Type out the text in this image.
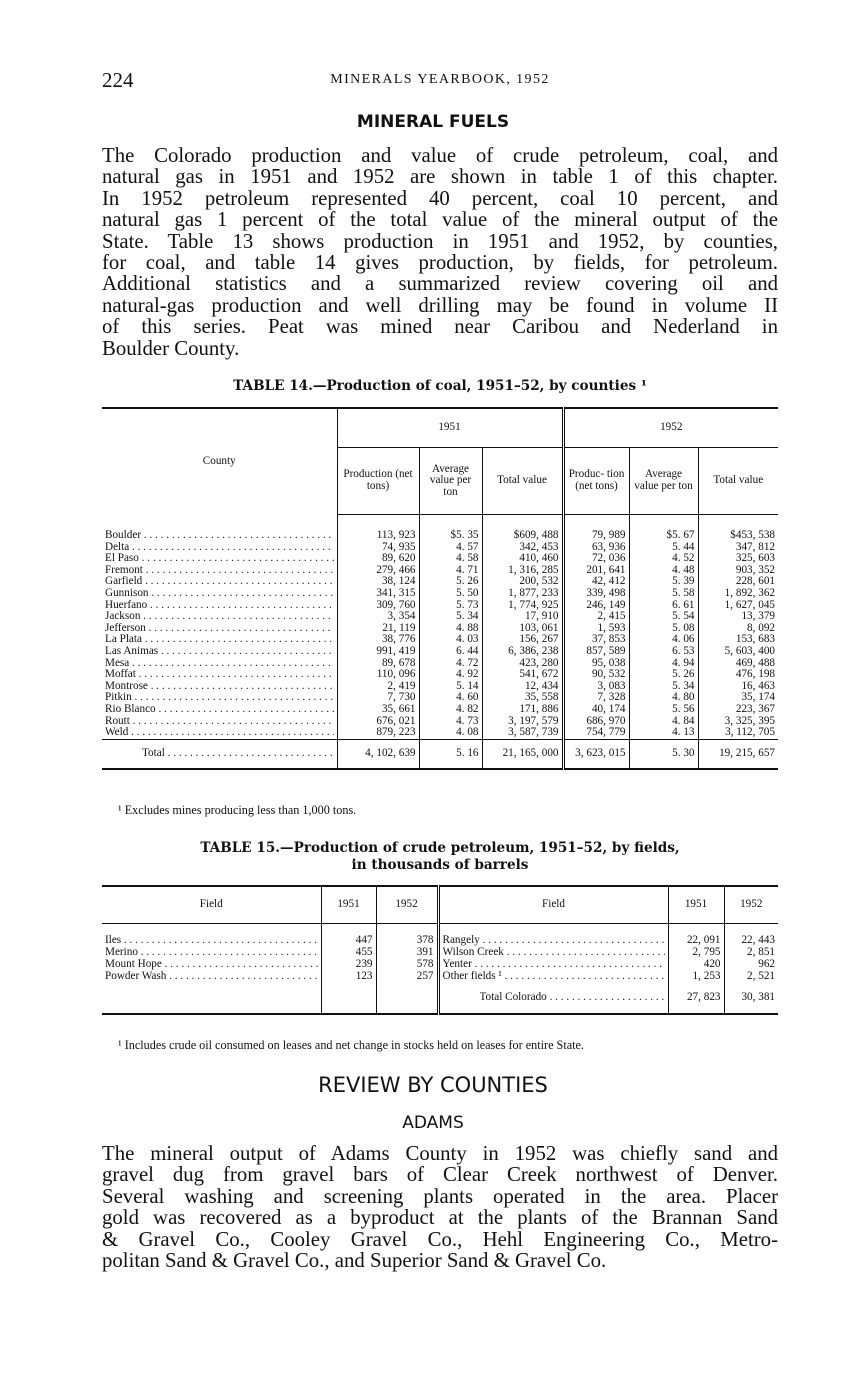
224	MINERALS YEARBOOK, 1952
MINERAL FUELS
The Colorado production and value of crude petroleum, coal, and
natural gas in 1951 and 1952 are shown in table 1 of this chapter.
In 1952 petroleum represented 40 percent, coal 10 percent, and
natural gas 1 percent of the total value of the mineral output of the
State. Table 13 shows production in 1951 and 1952, by counties,
for coal, and table 14 gives production, by fields, for petroleum.
Additional statistics and a summarized review covering oil and
natural-gas production and well drilling may be found in volume II
of this series. Peat was mined near Caribou and Nederland in
Boulder County.
TABLE 14.—Production of coal, 1951–52, by counties ¹
County	1951			1952		
	Production (net tons)	Average value per ton	Total value	Produc- tion (net tons)	Average value per ton	Total value

Boulder . . .	113, 923	$5. 35	$609, 488	79, 989	$5. 67	$453, 538

Delta . . .	74, 935	4. 57	342, 453	63, 936	5. 44	347, 812

El Paso . . .	89, 620	4. 58	410, 460	72, 036	4. 52	325, 603

Fremont . . .	279, 466	4. 71	1, 316, 285	201, 641	4. 48	903, 352

Garfield . . .	38, 124	5. 26	200, 532	42, 412	5. 39	228, 601

Gunnison . . .	341, 315	5. 50	1, 877, 233	339, 498	5. 58	1, 892, 362

Huerfano . . .	309, 760	5. 73	1, 774, 925	246, 149	6. 61	1, 627, 045

Jackson . . .	3, 354	5. 34	17, 910	2, 415	5. 54	13, 379

Jefferson . . .	21, 119	4. 88	103, 061	1, 593	5. 08	8, 092

La Plata . . .	38, 776	4. 03	156, 267	37, 853	4. 06	153, 683

Las Animas . . .	991, 419	6. 44	6, 386, 238	857, 589	6. 53	5, 603, 400

Mesa . . .	89, 678	4. 72	423, 280	95, 038	4. 94	469, 488

Moffat . . .	110, 096	4. 92	541, 672	90, 532	5. 26	476, 198

Montrose . . .	2, 419	5. 14	12, 434	3, 083	5. 34	16, 463

Pitkin . . .	7, 730	4. 60	35, 558	7, 328	4. 80	35, 174

Rio Blanco . . .	35, 661	4. 82	171, 886	40, 174	5. 56	223, 367

Routt . . .	676, 021	4. 73	3, 197, 579	686, 970	4. 84	3, 325, 395

Weld . . .	879, 223	4. 08	3, 587, 739	754, 779	4. 13	3, 112, 705

Total . . .	4, 102, 639	5. 16	21, 165, 000	3, 623, 015	5. 30	19, 215, 657
¹ Excludes mines producing less than 1,000 tons.
TABLE 15.—Production of crude petroleum, 1951–52, by fields,
in thousands of barrels
Field	1951	1952	Field	1951	1952

Iles . . .	447	378	Rangely . . .	22, 091	22, 443

Merino . . .	455	391	Wilson Creek . . .	2, 795	2, 851

Mount Hope . . .	239	578	Yenter . . .	420	962

Powder Wash . . .	123	257	Other fields ¹ . . .	1, 253	2, 521

			Total Colorado . . .	27, 823	30, 381
¹ Includes crude oil consumed on leases and net change in stocks held on leases for entire State.
REVIEW BY COUNTIES
ADAMS
The mineral output of Adams County in 1952 was chiefly sand and
gravel dug from gravel bars of Clear Creek northwest of Denver.
Several washing and screening plants operated in the area. Placer
gold was recovered as a byproduct at the plants of the Brannan Sand
& Gravel Co., Cooley Gravel Co., Hehl Engineering Co., Metro-
politan Sand & Gravel Co., and Superior Sand & Gravel Co.
